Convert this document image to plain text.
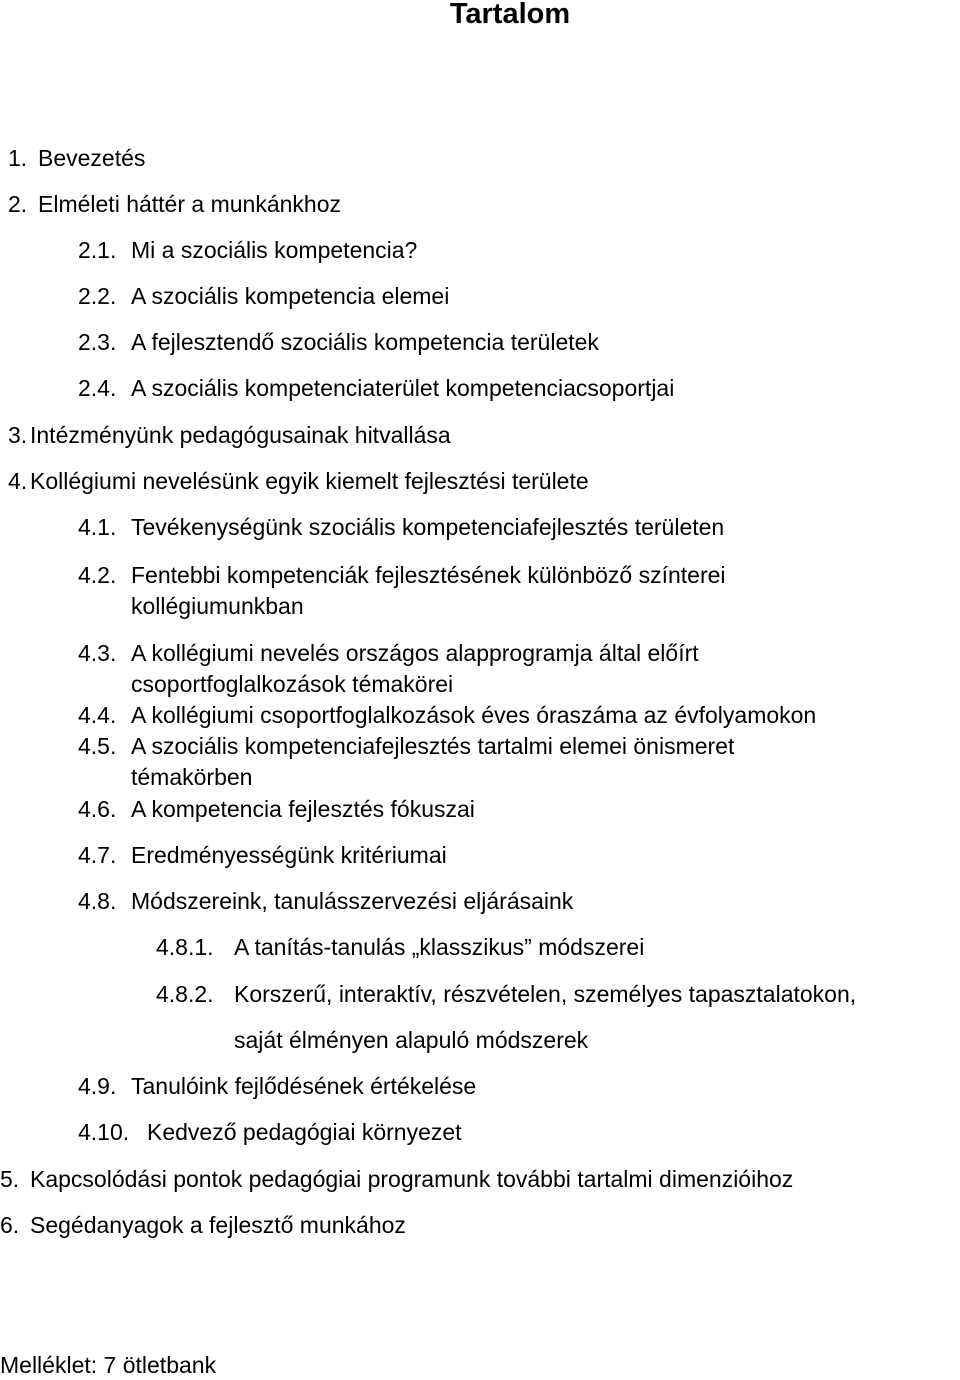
Tartalom
1. Bevezetés
2. Elméleti háttér a munkánkhoz
2.1. Mi a szociális kompetencia?
2.2. A szociális kompetencia elemei
2.3. A fejlesztendő szociális kompetencia területek
2.4. A szociális kompetenciaterület kompetenciacsoportjai
3. Intézményünk pedagógusainak hitvallása
4. Kollégiumi nevelésünk egyik kiemelt fejlesztési területe
4.1. Tevékenységünk szociális kompetenciafejlesztés területen
4.2. Fentebbi kompetenciák fejlesztésének különböző színterei
kollégiumunkban
4.3. A kollégiumi nevelés országos alapprogramja által előírt
csoportfoglalkozások témakörei
4.4. A kollégiumi csoportfoglalkozások éves óraszáma az évfolyamokon
4.5. A szociális kompetenciafejlesztés tartalmi elemei önismeret
témakörben
4.6. A kompetencia fejlesztés fókuszai
4.7. Eredményességünk kritériumai
4.8. Módszereink, tanulásszervezési eljárásaink
4.8.1. A tanítás-tanulás „klasszikus” módszerei
4.8.2. Korszerű, interaktív, részvételen, személyes tapasztalatokon,
saját élményen alapuló módszerek
4.9. Tanulóink fejlődésének értékelése
4.10. Kedvező pedagógiai környezet
5. Kapcsolódási pontok pedagógiai programunk további tartalmi dimenzióihoz
6. Segédanyagok a fejlesztő munkához
Melléklet: 7 ötletbank
